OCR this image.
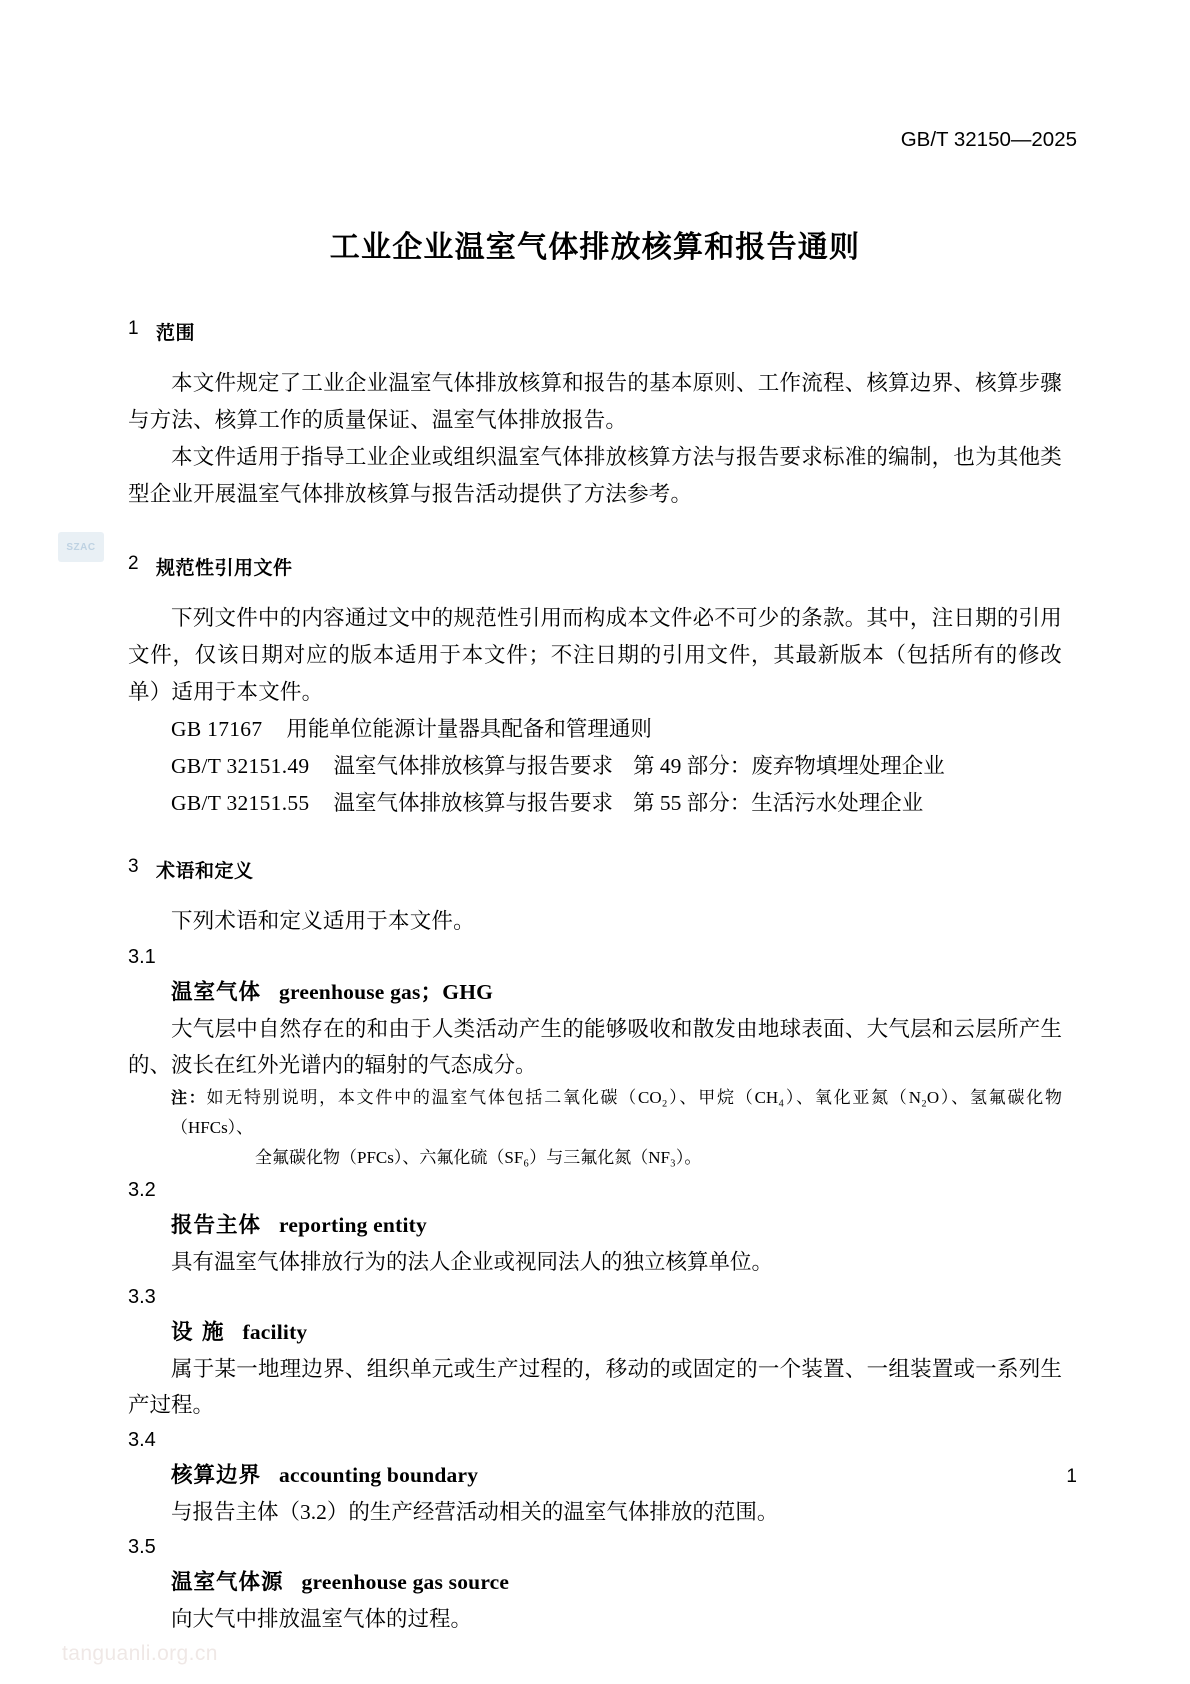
GB/T 32150—2025
SZAC
工业企业温室气体排放核算和报告通则
1 范围

本文件规定了工业企业温室气体排放核算和报告的基本原则、工作流程、核算边界、核算步骤与方法、核算工作的质量保证、温室气体排放报告。

本文件适用于指导工业企业或组织温室气体排放核算方法与报告要求标准的编制，也为其他类型企业开展温室气体排放核算与报告活动提供了方法参考。

2 规范性引用文件

下列文件中的内容通过文中的规范性引用而构成本文件必不可少的条款。其中，注日期的引用文件，仅该日期对应的版本适用于本文件；不注日期的引用文件，其最新版本（包括所有的修改单）适用于本文件。

GB 17167 用能单位能源计量器具配备和管理通则
GB/T 32151.49 温室气体排放核算与报告要求 第 49 部分：废弃物填埋处理企业
GB/T 32151.55 温室气体排放核算与报告要求 第 55 部分：生活污水处理企业
3 术语和定义

下列术语和定义适用于本文件。

3.1
温室气体 greenhouse gas；GHG

大气层中自然存在的和由于人类活动产生的能够吸收和散发由地球表面、大气层和云层所产生的、波长在红外光谱内的辐射的气态成分。

注：如无特别说明，本文件中的温室气体包括二氧化碳（CO₂）、甲烷（CH₄）、氧化亚氮（N₂O）、氢氟碳化物（HFCs）、
全氟碳化物（PFCs）、六氟化硫（SF₆）与三氟化氮（NF₃）。
3.2
报告主体 reporting entity

具有温室气体排放行为的法人企业或视同法人的独立核算单位。

3.3
设 施 facility

属于某一地理边界、组织单元或生产过程的，移动的或固定的一个装置、一组装置或一系列生产过程。

3.4
核算边界 accounting boundary

与报告主体（3.2）的生产经营活动相关的温室气体排放的范围。

3.5
温室气体源 greenhouse gas source

向大气中排放温室气体的过程。

1
tanguanli.org.cn
